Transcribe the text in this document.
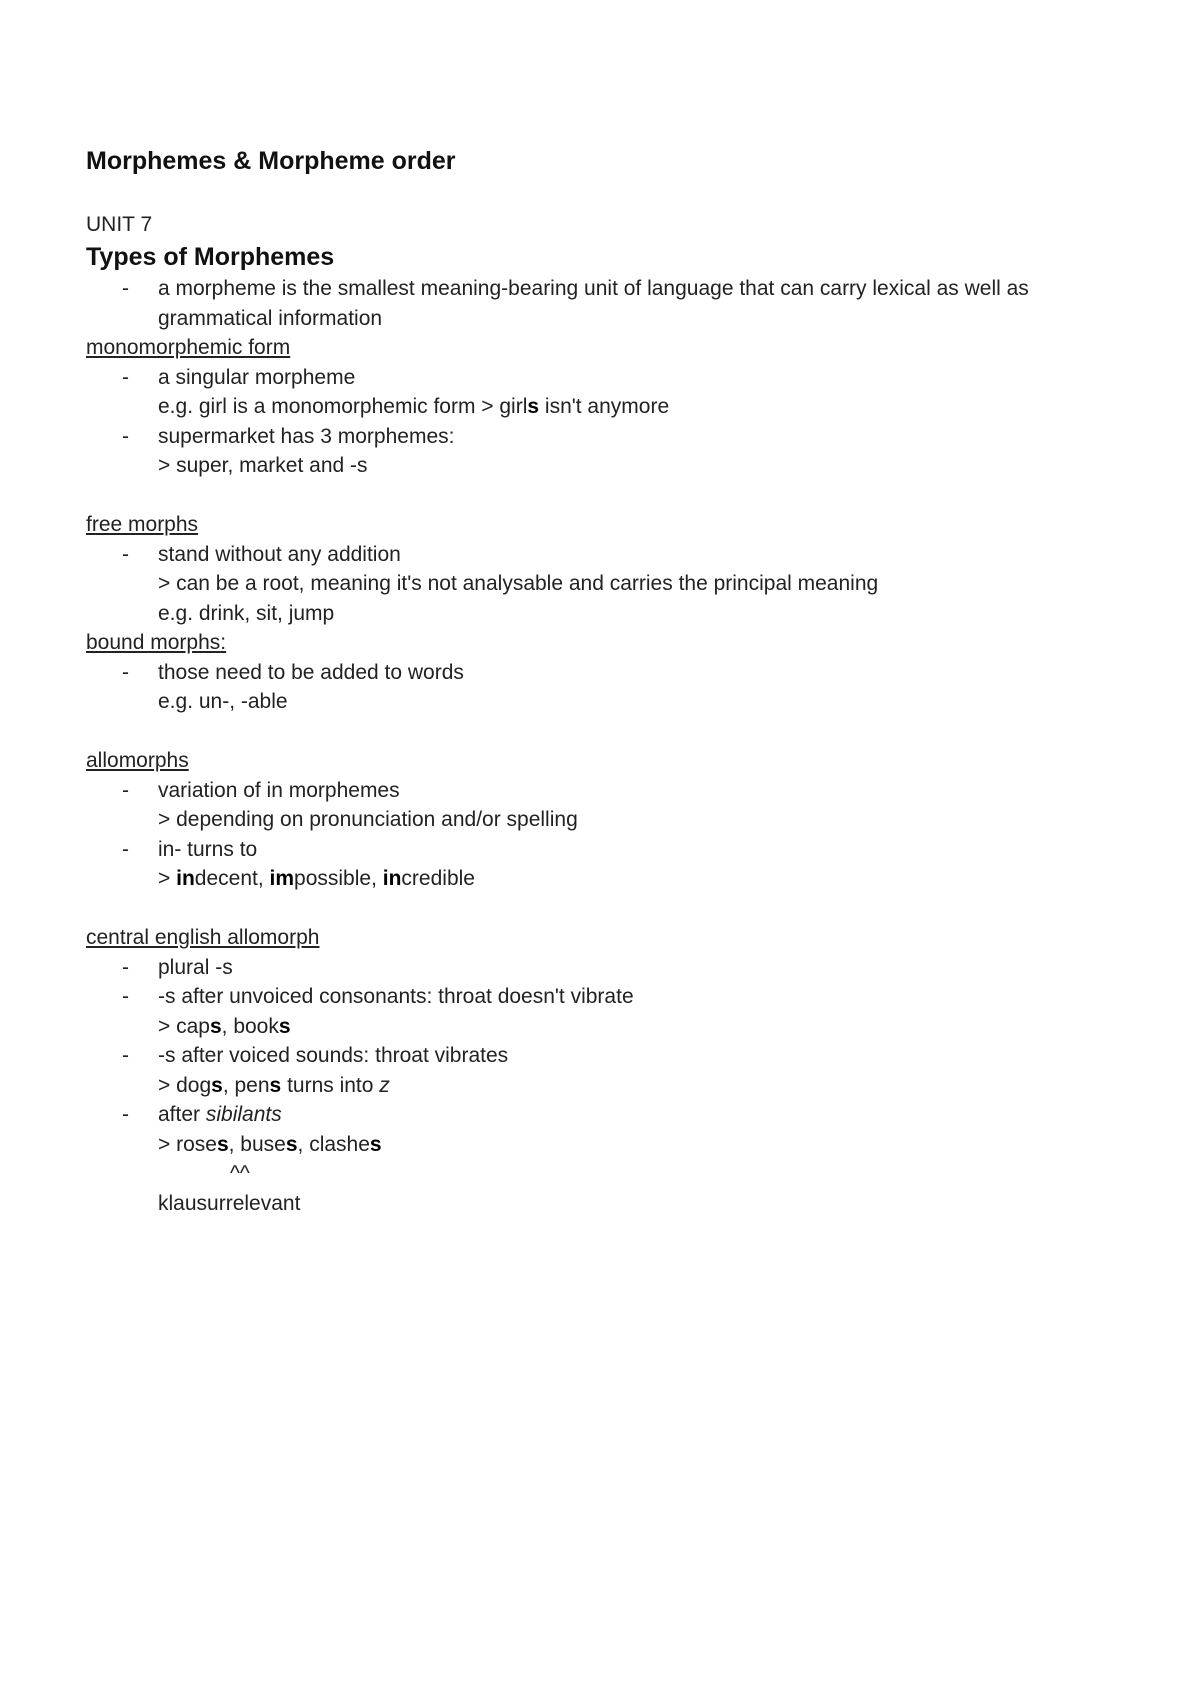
Morphemes & Morpheme order
UNIT 7
Types of Morphemes
- a morpheme is the smallest meaning-bearing unit of language that can carry lexical as well as
grammatical information
monomorphemic form
- a singular morpheme
e.g. girl is a monomorphemic form > girls isn't anymore
- supermarket has 3 morphemes:
> super, market and -s
free morphs
- stand without any addition
> can be a root, meaning it's not analysable and carries the principal meaning
e.g. drink, sit, jump
bound morphs:
- those need to be added to words
e.g. un-, -able
allomorphs
- variation of in morphemes
> depending on pronunciation and/or spelling
- in- turns to
> indecent, impossible, incredible
central english allomorph
- plural -s
- -s after unvoiced consonants: throat doesn't vibrate
> caps, books
- -s after voiced sounds: throat vibrates
> dogs, pens turns into z
- after sibilants
> roses, buses, clashes
^^
klausurrelevant
